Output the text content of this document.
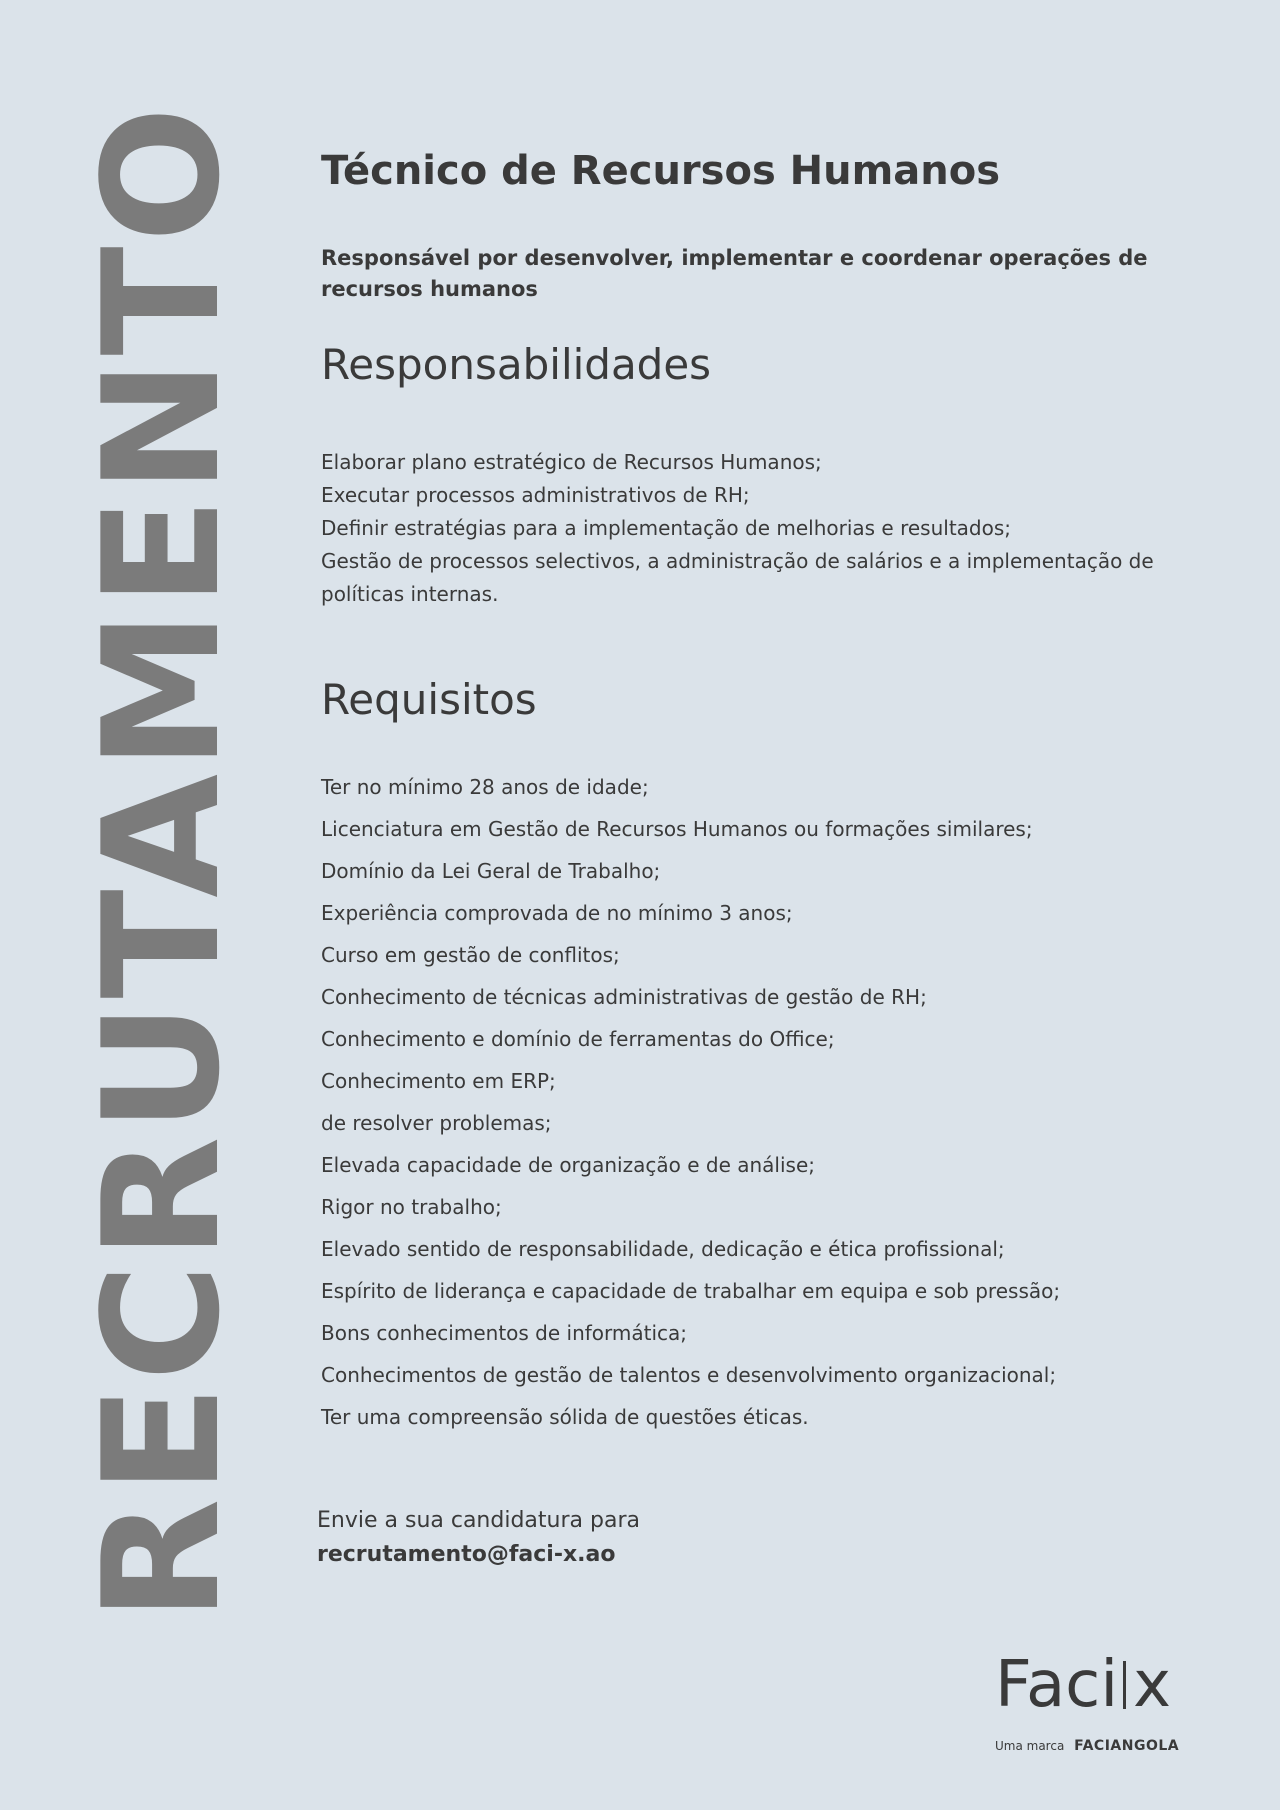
RECRUTAMENTO Técnico de Recursos Humanos

Responsável por desenvolver, implementar e coordenar operações de recursos humanos

Responsabilidades
Elaborar plano estratégico de Recursos Humanos;
Executar processos administrativos de RH;
Definir estratégias para a implementação de melhorias e resultados;
Gestão de processos selectivos, a administração de salários e a implementação de políticas internas.
Requisitos
Ter no mínimo 28 anos de idade;
Licenciatura em Gestão de Recursos Humanos ou formações similares;
Domínio da Lei Geral de Trabalho;
Experiência comprovada de no mínimo 3 anos;
Curso em gestão de conflitos;
Conhecimento de técnicas administrativas de gestão de RH;
Conhecimento e domínio de ferramentas do Office;
Conhecimento em ERP;
de resolver problemas;
Elevada capacidade de organização e de análise;
Rigor no trabalho;
Elevado sentido de responsabilidade, dedicação e ética profissional;
Espírito de liderança e capacidade de trabalhar em equipa e sob pressão;
Bons conhecimentos de informática;
Conhecimentos de gestão de talentos e desenvolvimento organizacional;
Ter uma compreensão sólida de questões éticas.
Envie a sua candidatura para
recrutamento@faci-x.ao
Faci x
Uma marca FACIANGOLA
